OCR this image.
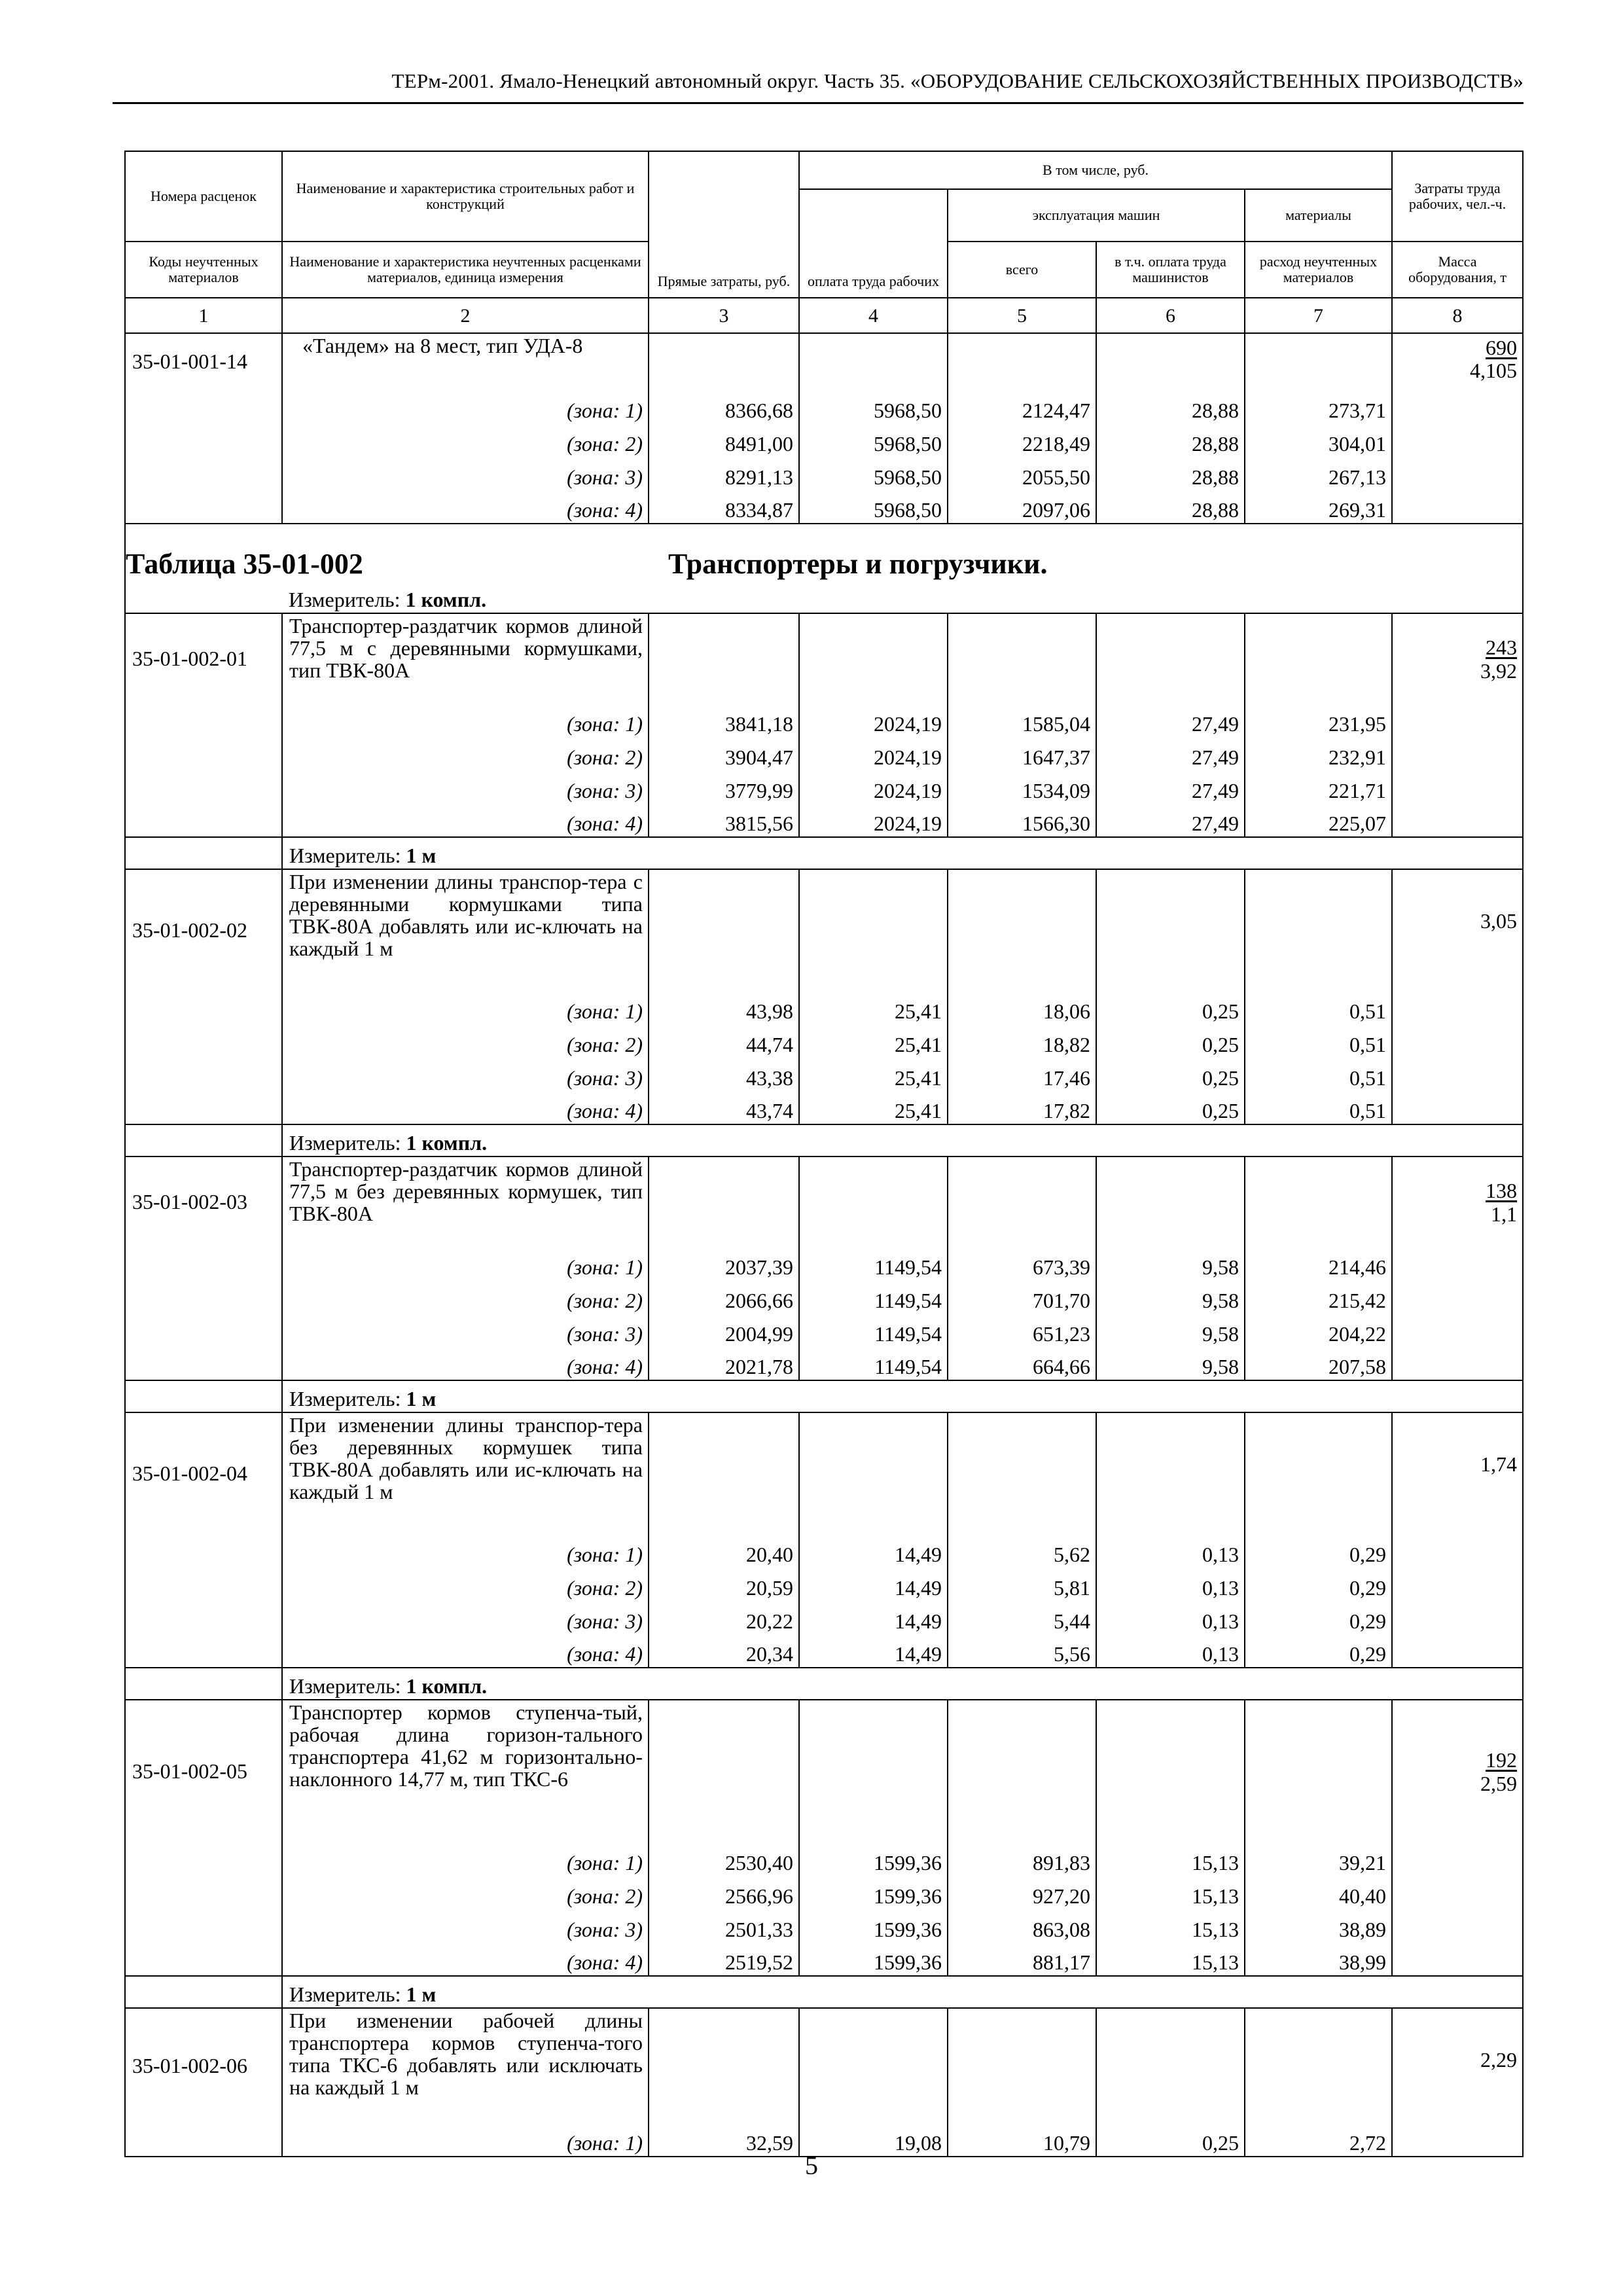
ТЕРм-2001. Ямало-Ненецкий автономный округ. Часть 35. «ОБОРУДОВАНИЕ СЕЛЬСКОХОЗЯЙСТВЕННЫХ ПРОИЗВОДСТВ»
Номера расценок	Наименование и характеристика строительных работ и конструкций	Прямые затраты, руб.	В том числе, руб.				Затраты труда рабочих, чел.-ч.
			оплата труда рабочих	эксплуатация машин		материалы	
Коды неучтенных материалов	Наименование и характеристика неучтенных расценками материалов, единица измерения			всего	в т.ч. оплата труда машинистов	расход неучтенных материалов	Масса оборудования, т
1	2	3	4	5	6	7	8
35-01-001-14	«Тандем» на 8 мест, тип УДА-8						$\frac{690}{4,105}$
	(зона: 1)	8366,68	5968,50	2124,47	28,88	273,71	
	(зона: 2)	8491,00	5968,50	2218,49	28,88	304,01	
	(зона: 3)	8291,13	5968,50	2055,50	28,88	267,13	
	(зона: 4)	8334,87	5968,50	2097,06	28,88	269,31	
Таблица 35-01-002		Транспортеры и погрузчики.					
	Измеритель: 1 компл.						
35-01-002-01	Транспортер-раздатчик кормов длиной 77,5 м с деревянными кормушками, тип ТВК-80А						$\frac{243}{3,92}$
	(зона: 1)	3841,18	2024,19	1585,04	27,49	231,95	
	(зона: 2)	3904,47	2024,19	1647,37	27,49	232,91	
	(зона: 3)	3779,99	2024,19	1534,09	27,49	221,71	
	(зона: 4)	3815,56	2024,19	1566,30	27,49	225,07	
	Измеритель: 1 м						
35-01-002-02	При изменении длины транспор-тера с деревянными кормушками типа ТВК-80А добавлять или ис-ключать на каждый 1 м						3,05
	(зона: 1)	43,98	25,41	18,06	0,25	0,51	
	(зона: 2)	44,74	25,41	18,82	0,25	0,51	
	(зона: 3)	43,38	25,41	17,46	0,25	0,51	
	(зона: 4)	43,74	25,41	17,82	0,25	0,51	
	Измеритель: 1 компл.						
35-01-002-03	Транспортер-раздатчик кормов длиной 77,5 м без деревянных кормушек, тип ТВК-80А						$\frac{138}{1,1}$
	(зона: 1)	2037,39	1149,54	673,39	9,58	214,46	
	(зона: 2)	2066,66	1149,54	701,70	9,58	215,42	
	(зона: 3)	2004,99	1149,54	651,23	9,58	204,22	
	(зона: 4)	2021,78	1149,54	664,66	9,58	207,58	
	Измеритель: 1 м						
35-01-002-04	При изменении длины транспор-тера без деревянных кормушек типа ТВК-80А добавлять или ис-ключать на каждый 1 м						1,74
	(зона: 1)	20,40	14,49	5,62	0,13	0,29	
	(зона: 2)	20,59	14,49	5,81	0,13	0,29	
	(зона: 3)	20,22	14,49	5,44	0,13	0,29	
	(зона: 4)	20,34	14,49	5,56	0,13	0,29	
	Измеритель: 1 компл.						
35-01-002-05	Транспортер кормов ступенча-тый, рабочая длина горизон-тального транспортера 41,62 м горизонтально-наклонного 14,77 м, тип ТКС-6						$\frac{192}{2,59}$
	(зона: 1)	2530,40	1599,36	891,83	15,13	39,21	
	(зона: 2)	2566,96	1599,36	927,20	15,13	40,40	
	(зона: 3)	2501,33	1599,36	863,08	15,13	38,89	
	(зона: 4)	2519,52	1599,36	881,17	15,13	38,99	
	Измеритель: 1 м						
35-01-002-06	При изменении рабочей длины транспортера кормов ступенча-того типа ТКС-6 добавлять или исключать на каждый 1 м						2,29
	(зона: 1)	32,59	19,08	10,79	0,25	2,72	
5
